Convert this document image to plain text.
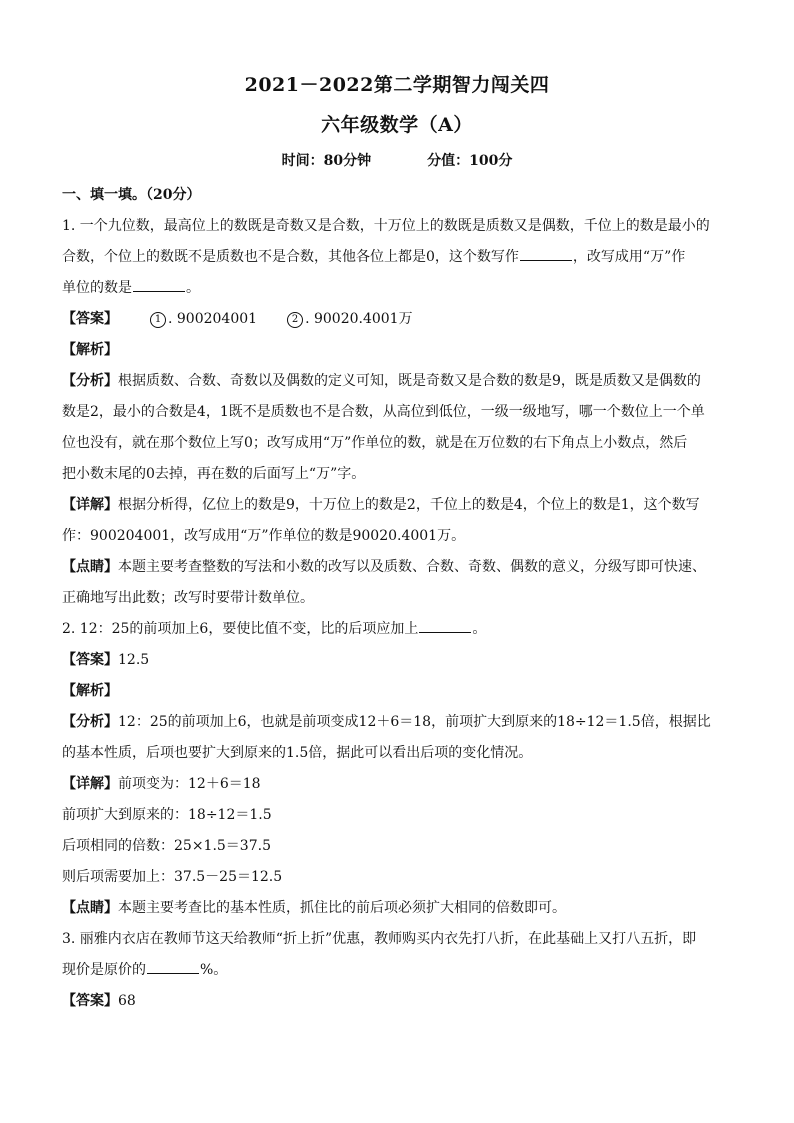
2021－2022第二学期智力闯关四
六年级数学（A）
时间：80分钟	分值：100分
一、填一填。（20分）
1. 一个九位数，最高位上的数既是奇数又是合数，十万位上的数既是质数又是偶数，千位上的数是最小的
合数，个位上的数既不是质数也不是合数，其他各位上都是0，这个数写作	，改写成用“万”作
单位的数是	。
【答案】	1 . 900204001	2 . 90020.4001万
【解析】
【分析】根据质数、合数、奇数以及偶数的定义可知，既是奇数又是合数的数是9，既是质数又是偶数的
数是2，最小的合数是4，1既不是质数也不是合数，从高位到低位，一级一级地写，哪一个数位上一个单
位也没有，就在那个数位上写0；改写成用“万”作单位的数，就是在万位数的右下角点上小数点，然后
把小数末尾的0去掉，再在数的后面写上“万”字。
【详解】根据分析得，亿位上的数是9，十万位上的数是2，千位上的数是4，个位上的数是1，这个数写
作：900204001，改写成用“万”作单位的数是90020.4001万。
【点睛】本题主要考查整数的写法和小数的改写以及质数、合数、奇数、偶数的意义，分级写即可快速、
正确地写出此数；改写时要带计数单位。
2. 12：25的前项加上6，要使比值不变，比的后项应加上	。
【答案】12.5
【解析】
【分析】12：25的前项加上6，也就是前项变成12＋6＝18，前项扩大到原来的18÷12＝1.5倍，根据比
的基本性质，后项也要扩大到原来的1.5倍，据此可以看出后项的变化情况。
【详解】前项变为：12＋6＝18
前项扩大到原来的：18÷12＝1.5
后项相同的倍数：25×1.5＝37.5
则后项需要加上：37.5－25＝12.5
【点睛】本题主要考查比的基本性质，抓住比的前后项必须扩大相同的倍数即可。
3. 丽雅内衣店在教师节这天给教师“折上折”优惠，教师购买内衣先打八折，在此基础上又打八五折，即
现价是原价的	%。
【答案】68
